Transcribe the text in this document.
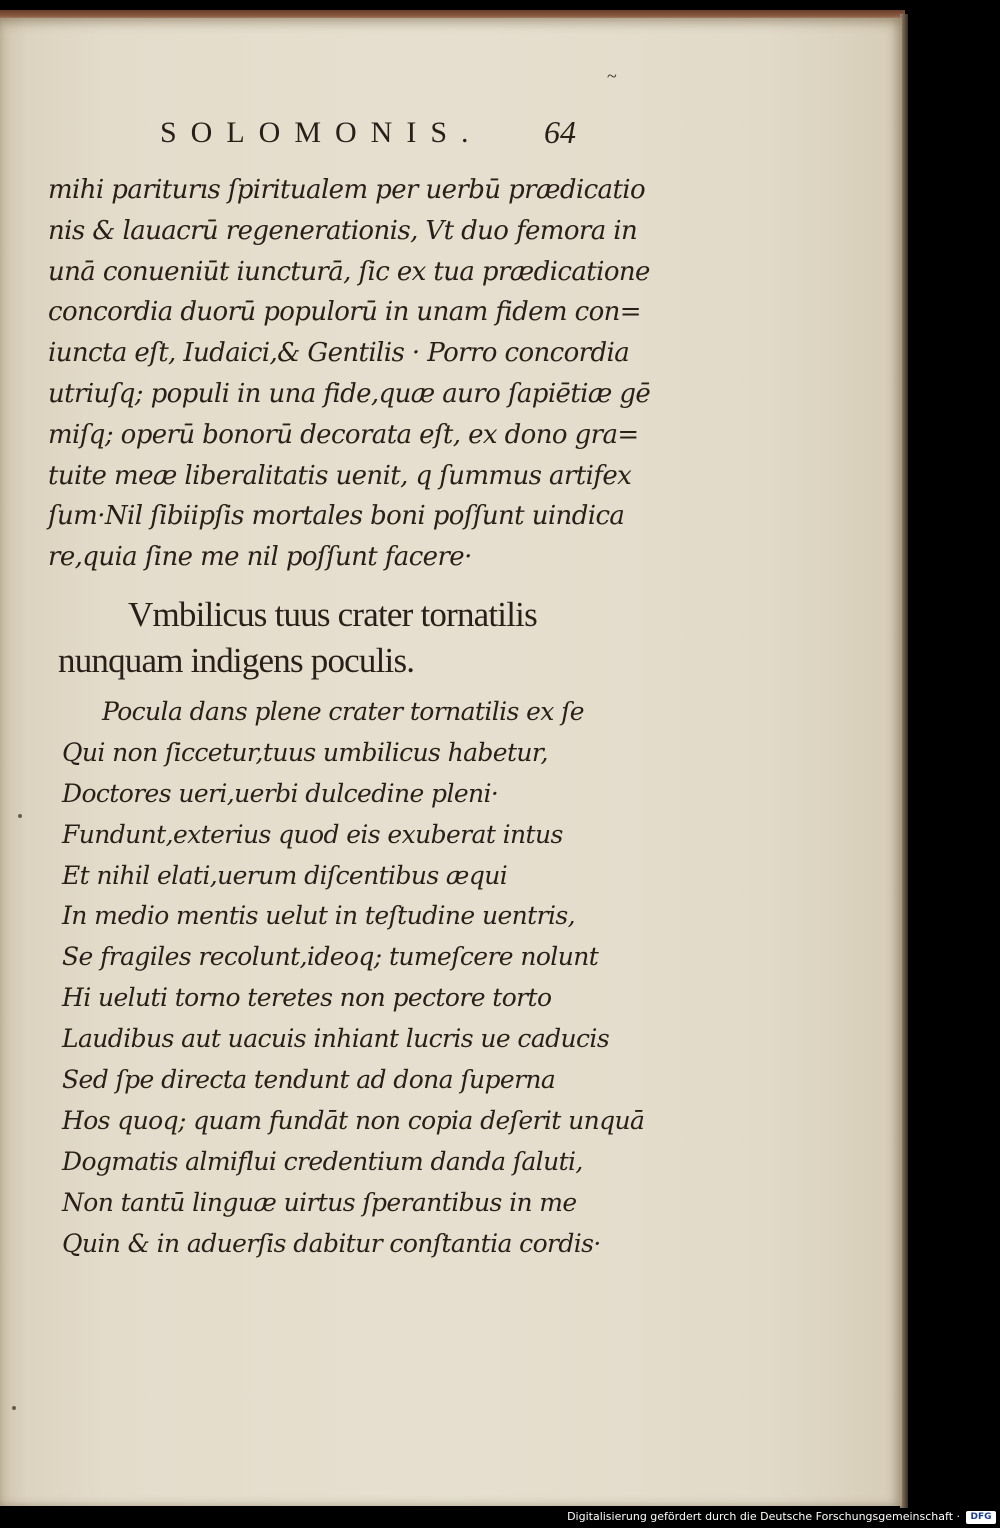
~
SOLOMONIS.	64
mihi pariturıs ſpiritualem per uerbū prædicatio
nis & lauacrū regenerationis, Vt duo femora in
unā conueniūt iuncturā, ſic ex tua prædicatione
concordia duorū populorū in unam fidem con=
iuncta eſt, Iudaici,& Gentilis · Porro concordia
utriuſq; populi in una fide,quæ auro ſapiētiæ gē
miſq; operū bonorū decorata eſt, ex dono gra=
tuite meæ liberalitatis uenit, q ſummus artifex
ſum·Nil ſibiipſis mortales boni poſſunt uindica
re,quia ſine me nil poſſunt facere·
Vmbilicus tuus crater tornatilis
nunquam indigens poculis.
Pocula dans plene crater tornatilis ex ſe
Qui non ſiccetur,tuus umbilicus habetur,
Doctores ueri,uerbi dulcedine pleni·
Fundunt,exterius quod eis exuberat intus
Et nihil elati,uerum diſcentibus æqui
In medio mentis uelut in teſtudine uentris,
Se fragiles recolunt,ideoq; tumeſcere nolunt
Hi ueluti torno teretes non pectore torto
Laudibus aut uacuis inhiant lucris ue caducis
Sed ſpe directa tendunt ad dona ſuperna
Hos quoq; quam fundāt non copia deſerit unquā
Dogmatis almiflui credentium danda ſaluti,
Non tantū linguæ uirtus ſperantibus in me
Quin & in aduerſis dabitur conſtantia cordis·
Digitalisierung gefördert durch die Deutsche Forschungsgemeinschaft ·	DFG
